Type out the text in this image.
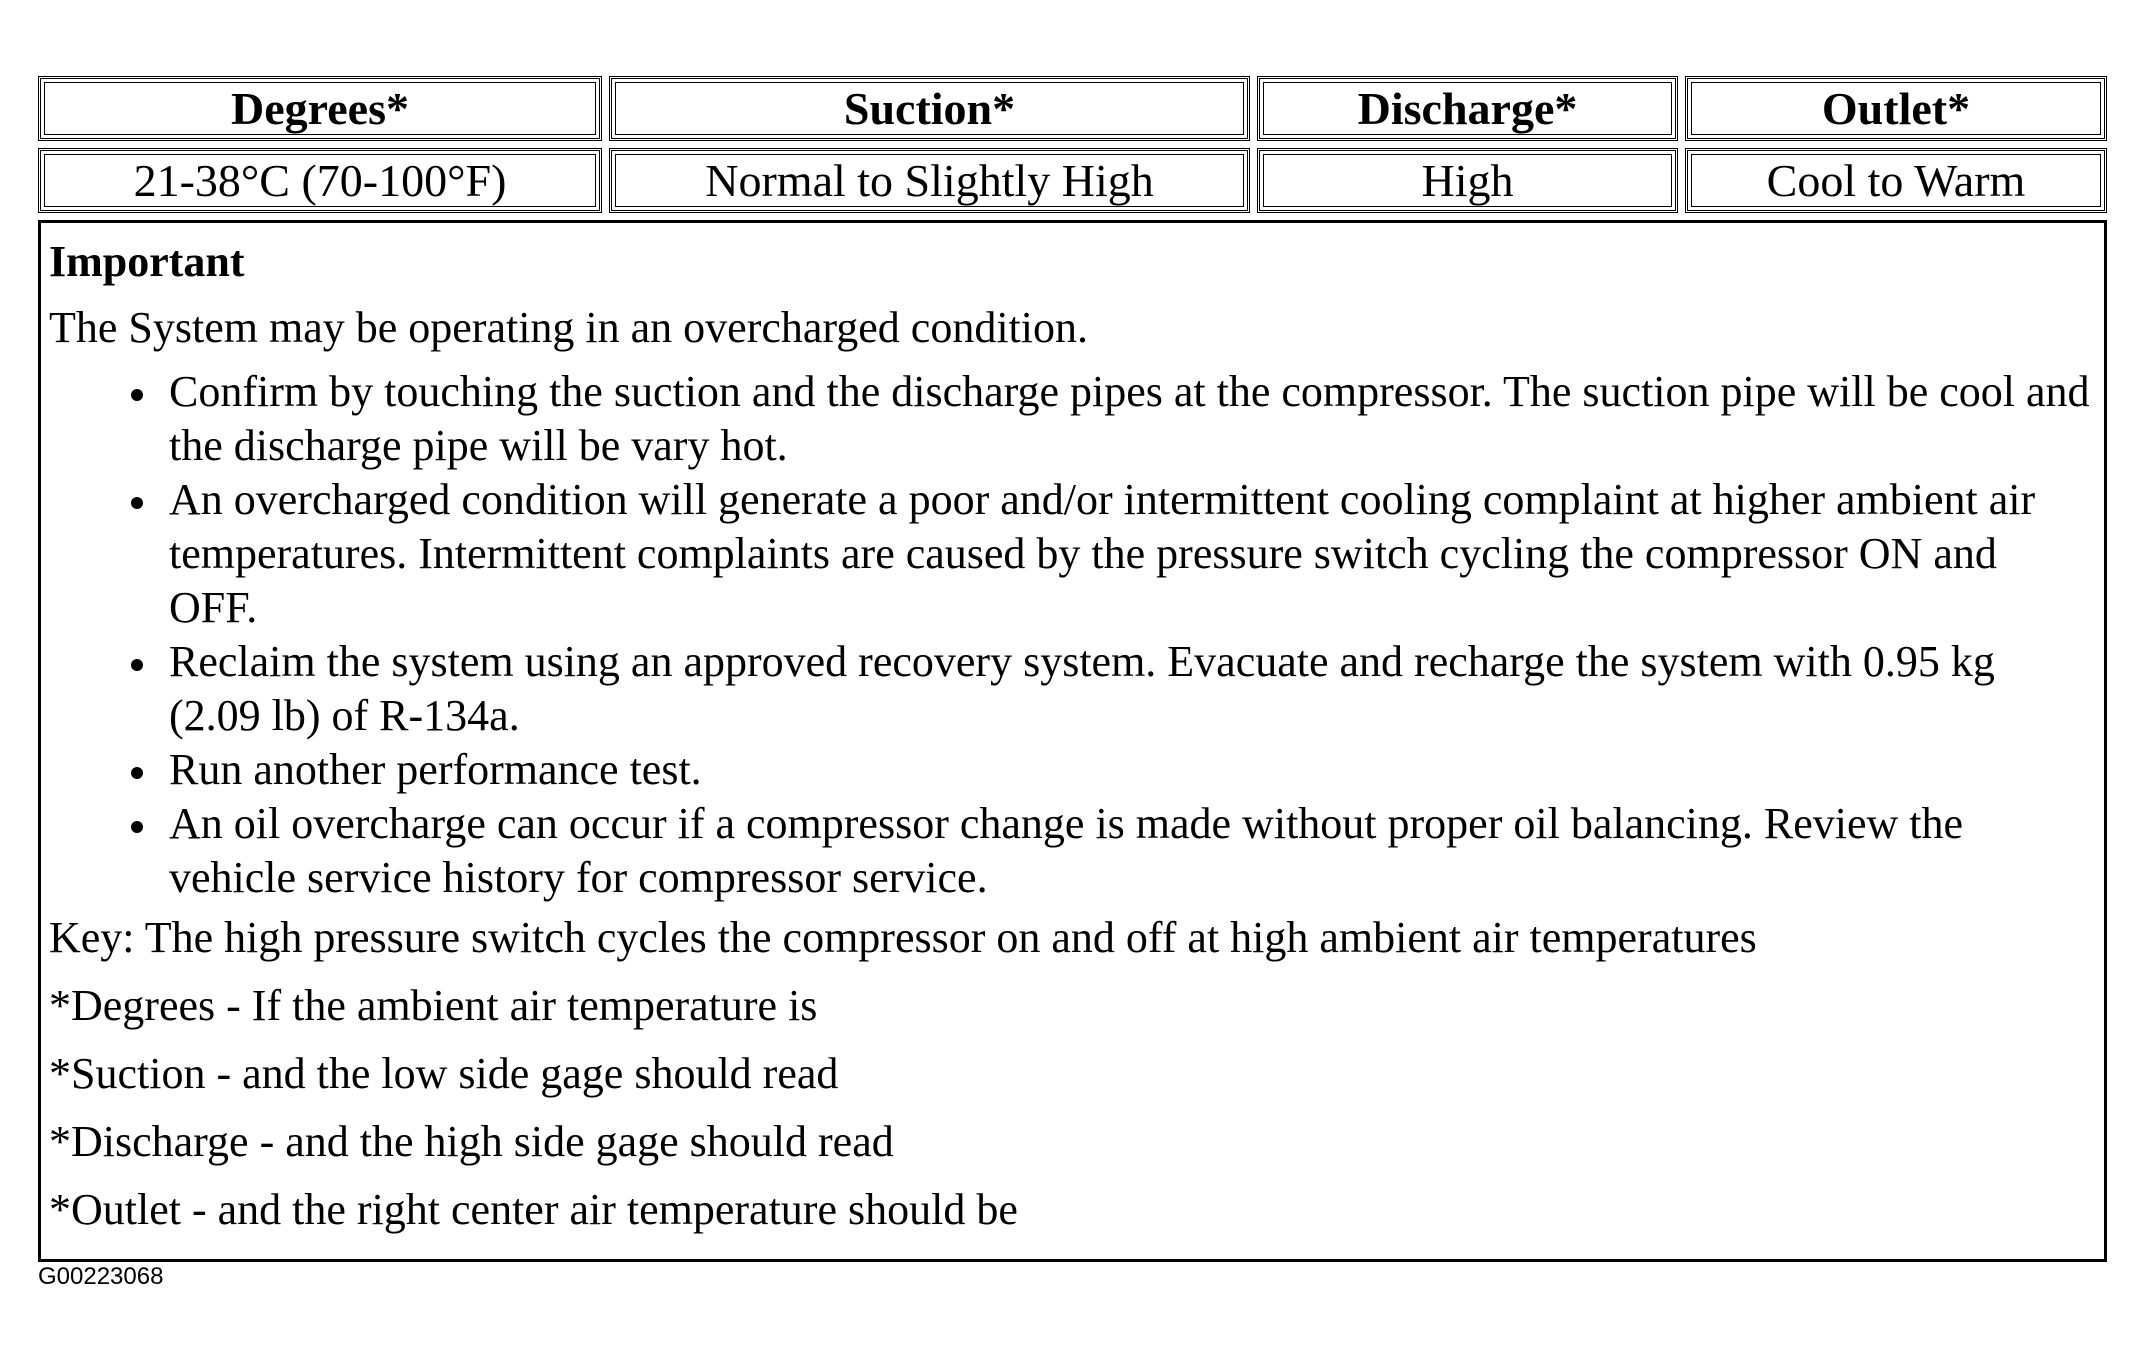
Degrees*	Suction*	Discharge*	Outlet*
21-38°C (70-100°F)	Normal to Slightly High	High	Cool to Warm
Important
The System may be operating in an overcharged condition.
Confirm by touching the suction and the discharge pipes at the compressor. The suction pipe will be cool and the discharge pipe will be vary hot.
An overcharged condition will generate a poor and/or intermittent cooling complaint at higher ambient air temperatures. Intermittent complaints are caused by the pressure switch cycling the compressor ON and OFF.
Reclaim the system using an approved recovery system. Evacuate and recharge the system with 0.95 kg (2.09 lb) of R-134a.
Run another performance test.
An oil overcharge can occur if a compressor change is made without proper oil balancing. Review the vehicle service history for compressor service.
Key: The high pressure switch cycles the compressor on and off at high ambient air temperatures
*Degrees - If the ambient air temperature is
*Suction - and the low side gage should read
*Discharge - and the high side gage should read
*Outlet - and the right center air temperature should be
G00223068
